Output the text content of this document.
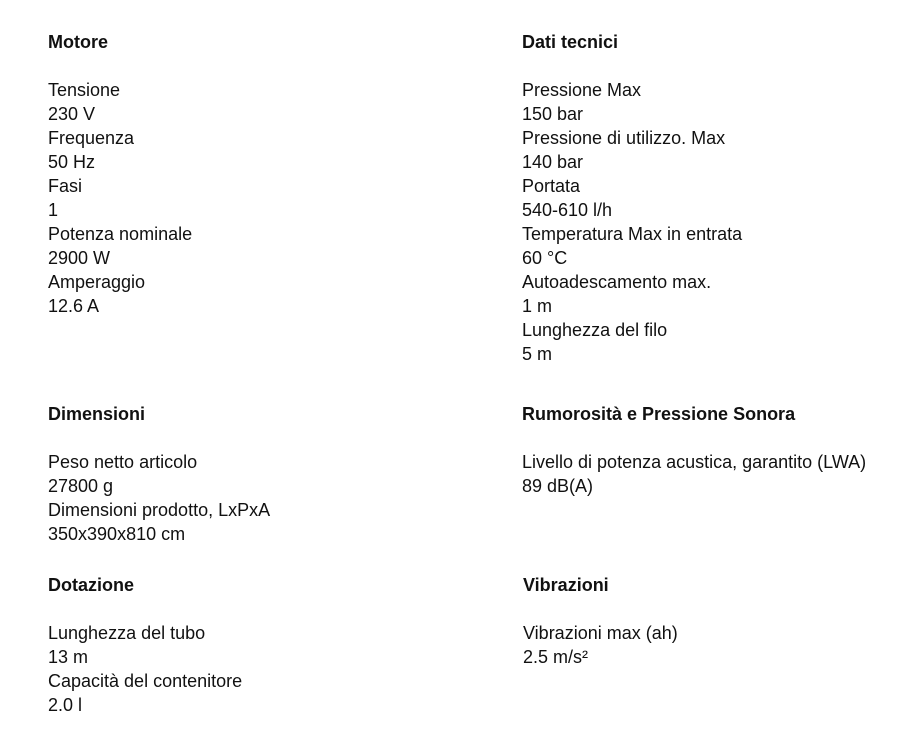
Motore
Tensione
230 V
Frequenza
50 Hz
Fasi
1
Potenza nominale
2900 W
Amperaggio
12.6 A
Dati tecnici
Pressione Max
150 bar
Pressione di utilizzo. Max
140 bar
Portata
540-610 l/h
Temperatura Max in entrata
60 °C
Autoadescamento max.
1 m
Lunghezza del filo
5 m
Dimensioni
Peso netto articolo
27800 g
Dimensioni prodotto, LxPxA
350x390x810 cm
Rumorosità e Pressione Sonora
Livello di potenza acustica, garantito (LWA)
89 dB(A)
Dotazione
Lunghezza del tubo
13 m
Capacità del contenitore
2.0 l
Vibrazioni
Vibrazioni max (ah)
2.5 m/s²
